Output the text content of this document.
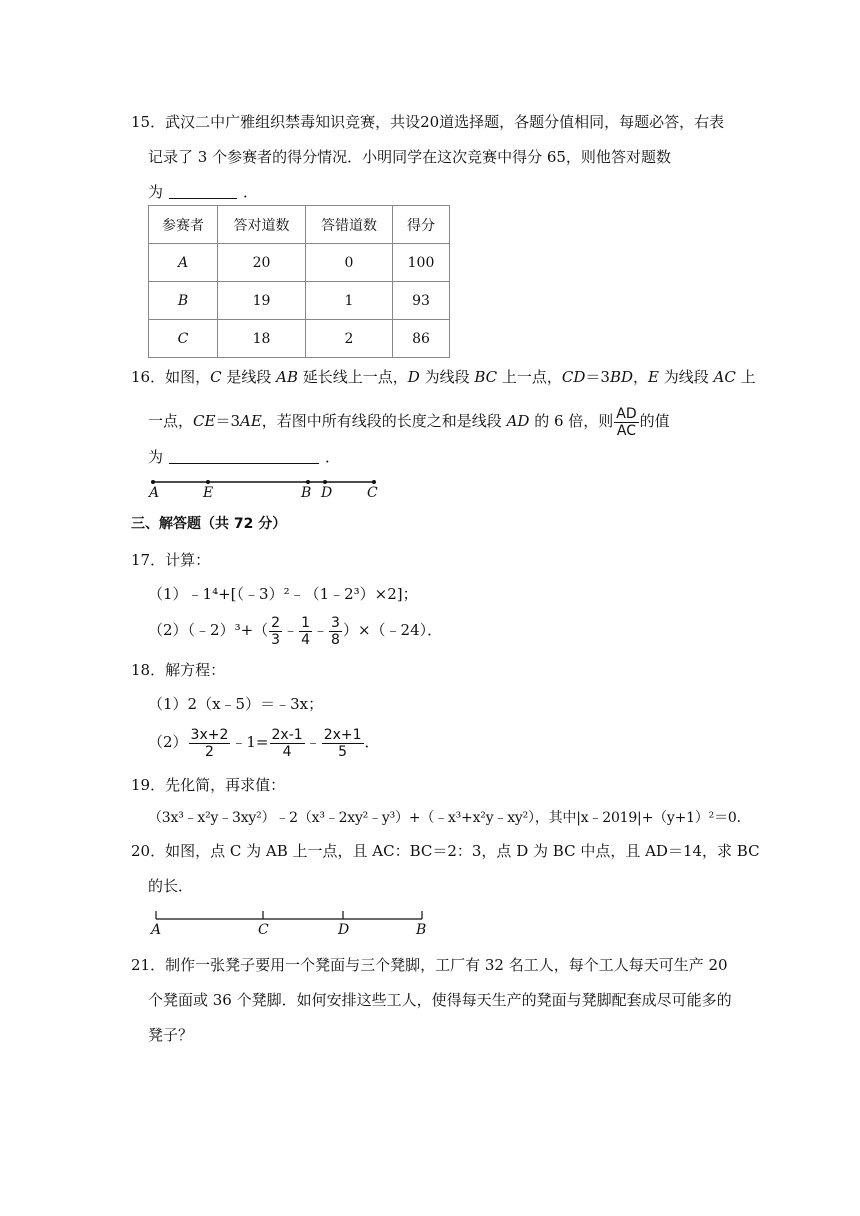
15．武汉二中广雅组织禁毒知识竞赛，共设20道选择题，各题分值相同，每题必答，右表
记录了 3 个参赛者的得分情况．小明同学在这次竞赛中得分 65，则他答对题数
为	．
参赛者	答对道数	答错道数	得分
A	20	0	100
B	19	1	93
C	18	2	86
16．如图，C 是线段 AB 延长线上一点，D 为线段 BC 上一点，CD＝3BD，E 为线段 AC 上
一点，CE＝3AE，若图中所有线段的长度之和是线段 AD 的 6 倍，则 $\frac{AD}{AC}$ 的值
为	．
A	E	B D C
三、解答题（共 72 分）
17．计算：
（1）﹣1⁴+[（﹣3）²﹣（1﹣2³）×2]；
（2）（﹣2）³+（ $\frac{2}{3}$ ﹣ $\frac{1}{4}$ ﹣ $\frac{3}{8}$ ）×（﹣24）．
18．解方程：
（1）2（x﹣5）＝﹣3x；
$(2) \frac{3x+2}{2}$ ﹣1= $\frac{2x-1}{4}$ ﹣ $\frac{2x+1}{5}$ ．
19．先化简，再求值：
（3x³﹣x²y﹣3xy²）﹣2（x³﹣2xy²﹣y³）+（﹣x³+x²y﹣xy²），其中|x﹣2019|+（y+1）²＝0．
20．如图，点 C 为 AB 上一点，且 AC：BC＝2：3，点 D 为 BC 中点，且 AD＝14，求 BC
的长．
A	C	D	B
21．制作一张凳子要用一个凳面与三个凳脚，工厂有 32 名工人，每个工人每天可生产 20
个凳面或 36 个凳脚．如何安排这些工人，使得每天生产的凳面与凳脚配套成尽可能多的
凳子？
